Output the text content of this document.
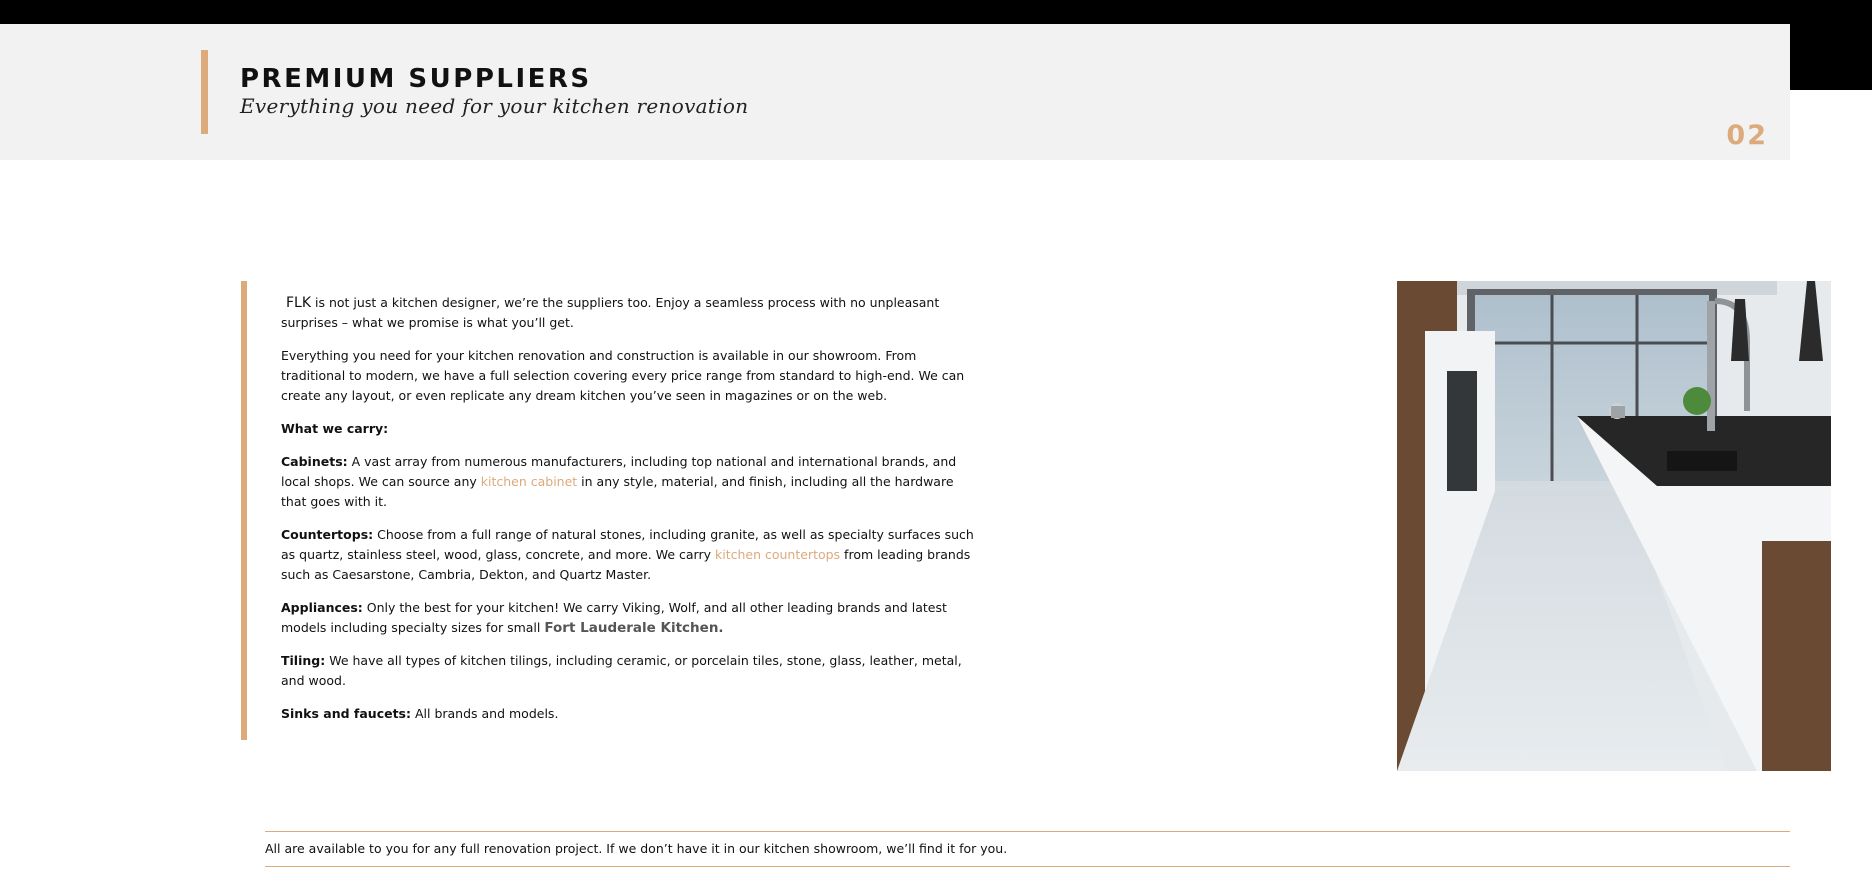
PREMIUM SUPPLIERS
Everything you need for your kitchen renovation
02

FLK is not just a kitchen designer, we’re the suppliers too. Enjoy a seamless process with no unpleasant surprises – what we promise is what you’ll get.

Everything you need for your kitchen renovation and construction is available in our showroom. From traditional to modern, we have a full selection covering every price range from standard to high-end. We can create any layout, or even replicate any dream kitchen you’ve seen in magazines or on the web.

What we carry:

Cabinets: A vast array from numerous manufacturers, including top national and international brands, and local shops. We can source any kitchen cabinet in any style, material, and finish, including all the hardware that goes with it.

Countertops: Choose from a full range of natural stones, including granite, as well as specialty surfaces such as quartz, stainless steel, wood, glass, concrete, and more. We carry kitchen countertops from leading brands such as Caesarstone, Cambria, Dekton, and Quartz Master.

Appliances: Only the best for your kitchen! We carry Viking, Wolf, and all other leading brands and latest models including specialty sizes for small Fort Lauderale Kitchen.

Tiling: We have all types of kitchen tilings, including ceramic, or porcelain tiles, stone, glass, leather, metal, and wood.

Sinks and faucets: All brands and models.

All are available to you for any full renovation project. If we don’t have it in our kitchen showroom, we’ll find it for you.
